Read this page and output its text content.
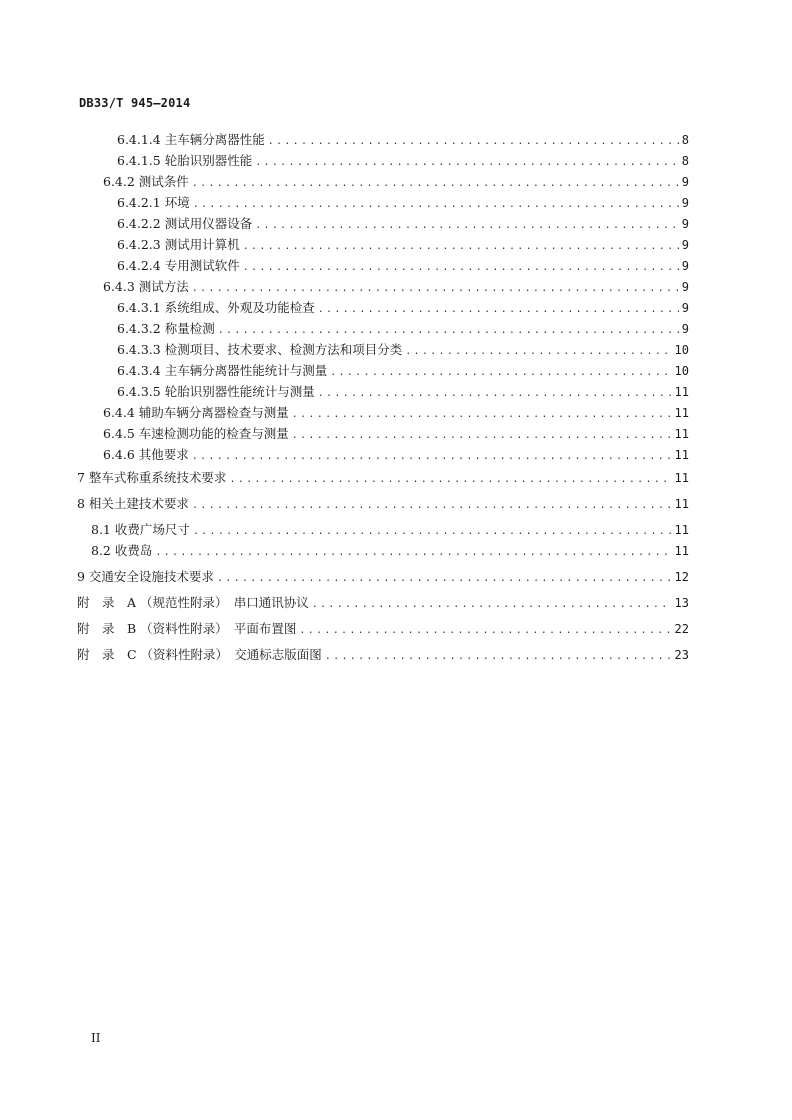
DB33/T 945—2014
6.4.1.4 主车辆分离器性能 .....	8
6.4.1.5 轮胎识别器性能 .....	8
6.4.2 测试条件 .....	9
6.4.2.1 环境 .....	9
6.4.2.2 测试用仪器设备 .....	9
6.4.2.3 测试用计算机 .....	9
6.4.2.4 专用测试软件 .....	9
6.4.3 测试方法 .....	9
6.4.3.1 系统组成、外观及功能检查 .....	9
6.4.3.2 称量检测 .....	9
6.4.3.3 检测项目、技术要求、检测方法和项目分类 .....	10
6.4.3.4 主车辆分离器性能统计与测量 .....	10
6.4.3.5 轮胎识别器性能统计与测量 .....	11
6.4.4 辅助车辆分离器检查与测量 .....	11
6.4.5 车速检测功能的检查与测量 .....	11
6.4.6 其他要求 .....	11
7 整车式称重系统技术要求 .....	11
8 相关土建技术要求 .....	11
8.1 收费广场尺寸 .....	11
8.2 收费岛 .....	11
9 交通安全设施技术要求 .....	12
附　录　A （规范性附录）　串口通讯协议 .....	13
附　录　B （资料性附录）　平面布置图 .....	22
附　录　C （资料性附录）　交通标志版面图 .....	23
II
